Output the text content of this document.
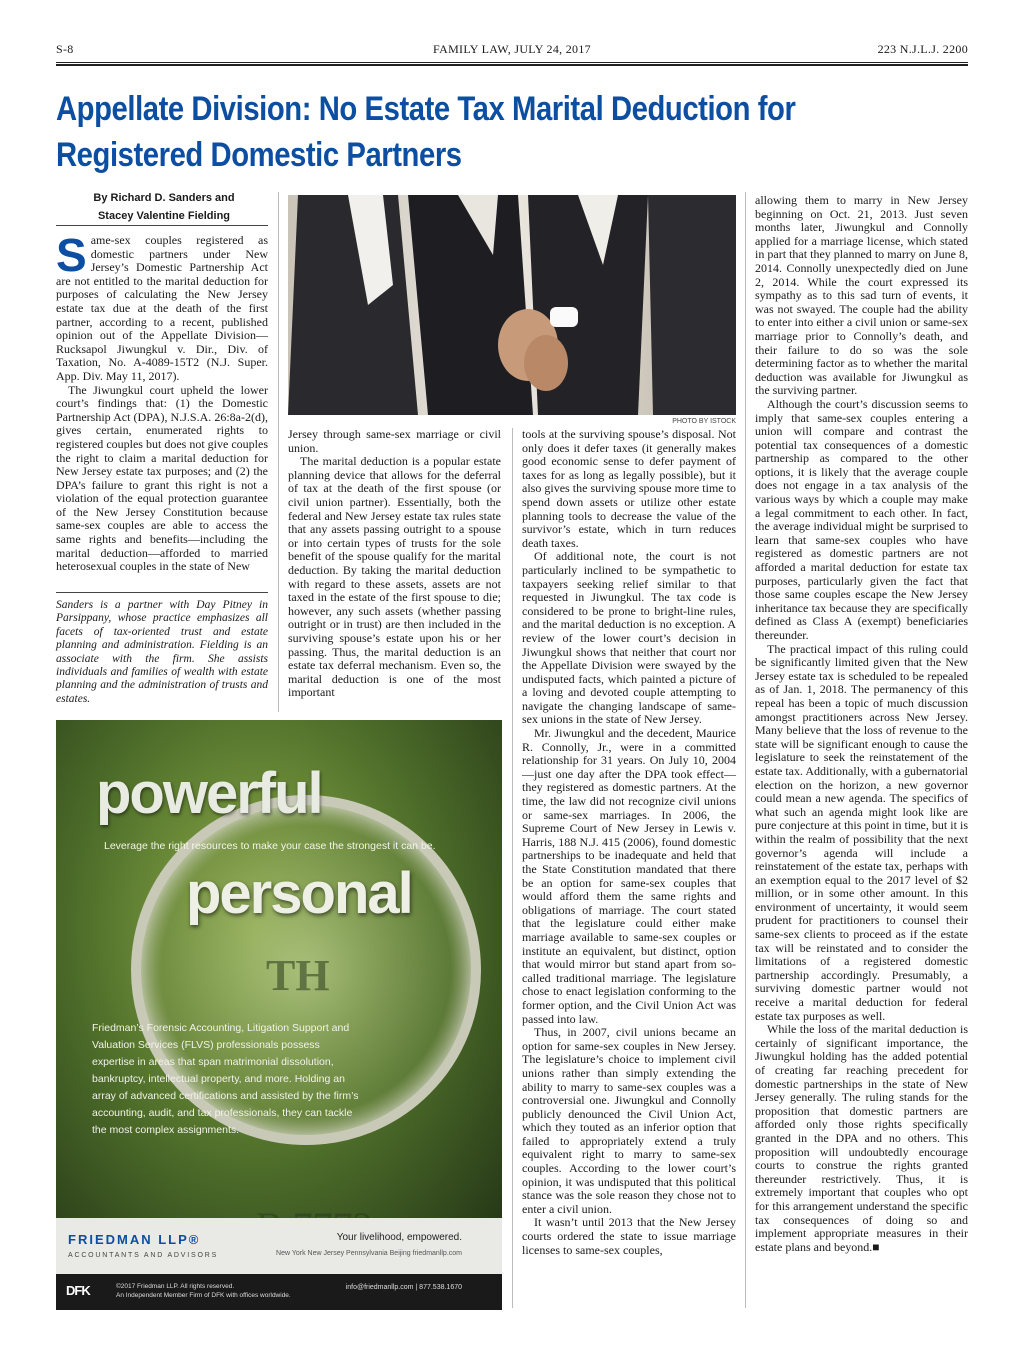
S-8	FAMILY LAW, JULY 24, 2017	223 N.J.L.J. 2200
Appellate Division: No Estate Tax Marital Deduction for Registered Domestic Partners
By Richard D. Sanders and
Stacey Valentine Fielding

Same-sex couples registered as domestic partners under New Jersey’s Domestic Partnership Act are not entitled to the marital deduction for purposes of calculating the New Jersey estate tax due at the death of the first partner, according to a recent, published opinion out of the Appellate Division—Rucksapol Jiwungkul v. Dir., Div. of Taxation, No. A-4089-15T2 (N.J. Super. App. Div. May 11, 2017).

The Jiwungkul court upheld the lower court’s findings that: (1) the Domestic Partnership Act (DPA), N.J.S.A. 26:8a-2(d), gives certain, enumerated rights to registered couples but does not give couples the right to claim a marital deduction for New Jersey estate tax purposes; and (2) the DPA’s failure to grant this right is not a violation of the equal protection guarantee of the New Jersey Constitution because same-sex couples are able to access the same rights and benefits—including the marital deduction—afforded to married heterosexual couples in the state of New

Sanders is a partner with Day Pitney in Parsippany, whose practice emphasizes all facets of tax-oriented trust and estate planning and administration. Fielding is an associate with the firm. She assists individuals and families of wealth with estate planning and the administration of trusts and estates.
PHOTO BY ISTOCK

Jersey through same-sex marriage or civil union.

The marital deduction is a popular estate planning device that allows for the deferral of tax at the death of the first spouse (or civil union partner). Essentially, both the federal and New Jersey estate tax rules state that any assets passing outright to a spouse or into certain types of trusts for the sole benefit of the spouse qualify for the marital deduction. By taking the marital deduction with regard to these assets, assets are not taxed in the estate of the first spouse to die; however, any such assets (whether passing outright or in trust) are then included in the surviving spouse’s estate upon his or her passing. Thus, the marital deduction is an estate tax deferral mechanism. Even so, the marital deduction is one of the most important

tools at the surviving spouse’s disposal. Not only does it defer taxes (it generally makes good economic sense to defer payment of taxes for as long as legally possible), but it also gives the surviving spouse more time to spend down assets or utilize other estate planning tools to decrease the value of the survivor’s estate, which in turn reduces death taxes.

Of additional note, the court is not particularly inclined to be sympathetic to taxpayers seeking relief similar to that requested in Jiwungkul. The tax code is considered to be prone to bright-line rules, and the marital deduction is no exception. A review of the lower court’s decision in Jiwungkul shows that neither that court nor the Appellate Division were swayed by the undisputed facts, which painted a picture of a loving and devoted couple attempting to navigate the changing landscape of same-sex unions in the state of New Jersey.

Mr. Jiwungkul and the decedent, Maurice R. Connolly, Jr., were in a committed relationship for 31 years. On July 10, 2004—just one day after the DPA took effect—they registered as domestic partners. At the time, the law did not recognize civil unions or same-sex marriages. In 2006, the Supreme Court of New Jersey in Lewis v. Harris, 188 N.J. 415 (2006), found domestic partnerships to be inadequate and held that the State Constitution mandated that there be an option for same-sex couples that would afford them the same rights and obligations of marriage. The court stated that the legislature could either make marriage available to same-sex couples or institute an equivalent, but distinct, option that would mirror but stand apart from so-called traditional marriage. The legislature chose to enact legislation conforming to the former option, and the Civil Union Act was passed into law.

Thus, in 2007, civil unions became an option for same-sex couples in New Jersey. The legislature’s choice to implement civil unions rather than simply extending the ability to marry to same-sex couples was a controversial one. Jiwungkul and Connolly publicly denounced the Civil Union Act, which they touted as an inferior option that failed to appropriately extend a truly equivalent right to marry to same-sex couples. According to the lower court’s opinion, it was undisputed that this political stance was the sole reason they chose not to enter a civil union.

It wasn’t until 2013 that the New Jersey courts ordered the state to issue marriage licenses to same-sex couples,

allowing them to marry in New Jersey beginning on Oct. 21, 2013. Just seven months later, Jiwungkul and Connolly applied for a marriage license, which stated in part that they planned to marry on June 8, 2014. Connolly unexpectedly died on June 2, 2014. While the court expressed its sympathy as to this sad turn of events, it was not swayed. The couple had the ability to enter into either a civil union or same-sex marriage prior to Connolly’s death, and their failure to do so was the sole determining factor as to whether the marital deduction was available for Jiwungkul as the surviving partner.

Although the court’s discussion seems to imply that same-sex couples entering a union will compare and contrast the potential tax consequences of a domestic partnership as compared to the other options, it is likely that the average couple does not engage in a tax analysis of the various ways by which a couple may make a legal commitment to each other. In fact, the average individual might be surprised to learn that same-sex couples who have registered as domestic partners are not afforded a marital deduction for estate tax purposes, particularly given the fact that those same couples escape the New Jersey inheritance tax because they are specifically defined as Class A (exempt) beneficiaries thereunder.

The practical impact of this ruling could be significantly limited given that the New Jersey estate tax is scheduled to be repealed as of Jan. 1, 2018. The permanency of this repeal has been a topic of much discussion amongst practitioners across New Jersey. Many believe that the loss of revenue to the state will be significant enough to cause the legislature to seek the reinstatement of the estate tax. Additionally, with a gubernatorial election on the horizon, a new governor could mean a new agenda. The specifics of what such an agenda might look like are pure conjecture at this point in time, but it is within the realm of possibility that the next governor’s agenda will include a reinstatement of the estate tax, perhaps with an exemption equal to the 2017 level of $2 million, or in some other amount. In this environment of uncertainty, it would seem prudent for practitioners to counsel their same-sex clients to proceed as if the estate tax will be reinstated and to consider the limitations of a registered domestic partnership accordingly. Presumably, a surviving domestic partner would not receive a marital deduction for federal estate tax purposes as well.

While the loss of the marital deduction is certainly of significant importance, the Jiwungkul holding has the added potential of creating far reaching precedent for domestic partnerships in the state of New Jersey generally. The ruling stands for the proposition that domestic partners are afforded only those rights specifically granted in the DPA and no others. This proposition will undoubtedly encourage courts to construe the rights granted thereunder restrictively. Thus, it is extremely important that couples who opt for this arrangement understand the specific tax consequences of doing so and implement appropriate measures in their estate plans and beyond.■

TH
powerful
Leverage the right resources to make your case the strongest it can be.
personal
Friedman’s Forensic Accounting, Litigation Support and Valuation Services (FLVS) professionals possess expertise in areas that span matrimonial dissolution, bankruptcy, intellectual property, and more. Holding an array of advanced certifications and assisted by the firm’s accounting, audit, and tax professionals, they can tackle the most complex assignments.
FRIEDMAN LLP®
ACCOUNTANTS AND ADVISORS
Your livelihood, empowered.
New York New Jersey Pennsylvania Beijing friedmanllp.com
DFK	©2017 Friedman LLP. All rights reserved.
An Independent Member Firm of DFK with offices worldwide.
info@friedmanllp.com | 877.538.1670
